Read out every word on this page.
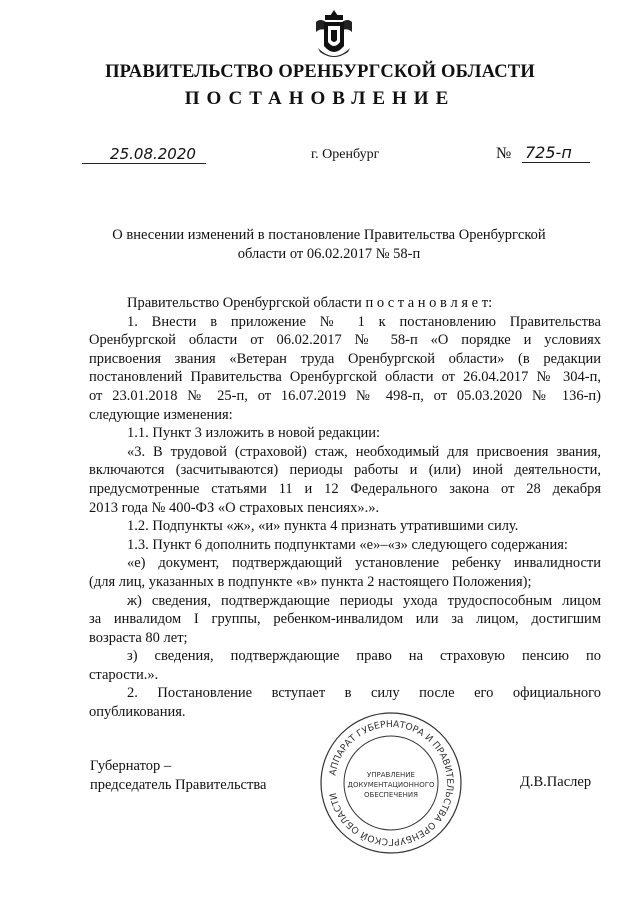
ПРАВИТЕЛЬСТВО ОРЕНБУРГСКОЙ ОБЛАСТИ
ПОСТАНОВЛЕНИЕ
25.08.2020	г. Оренбург	№ 725-п
О внесении изменений в постановление Правительства Оренбургской
области от 06.02.2017 № 58-п

Правительство Оренбургской области п о с т а н о в л я е т:

1. Внести в приложение № 1 к постановлению Правительства

Оренбургской области от 06.02.2017 № 58-п «О порядке и условиях

присвоения звания «Ветеран труда Оренбургской области» (в редакции

постановлений Правительства Оренбургской области от 26.04.2017 № 304-п,

от 23.01.2018 № 25-п, от 16.07.2019 № 498-п, от 05.03.2020 № 136-п)

следующие изменения:

1.1. Пункт 3 изложить в новой редакции:

«3. В трудовой (страховой) стаж, необходимый для присвоения звания,

включаются (засчитываются) периоды работы и (или) иной деятельности,

предусмотренные статьями 11 и 12 Федерального закона от 28 декабря

2013 года № 400-ФЗ «О страховых пенсиях».».

1.2. Подпункты «ж», «и» пункта 4 признать утратившими силу.

1.3. Пункт 6 дополнить подпунктами «е»–«з» следующего содержания:

«е) документ, подтверждающий установление ребенку инвалидности

(для лиц, указанных в подпункте «в» пункта 2 настоящего Положения);

ж) сведения, подтверждающие периоды ухода трудоспособным лицом

за инвалидом I группы, ребенком-инвалидом или за лицом, достигшим

возраста 80 лет;

з) сведения, подтверждающие право на страховую пенсию по

старости.».

2. Постановление вступает в силу после его официального

опубликования.

Губернатор –
председатель Правительства	Д.В.Паслер
АППАРАТ ГУБЕРНАТОРА И ПРАВИТЕЛЬСТВА ОРЕНБУРГСКОЙ ОБЛАСТИ
УПРАВЛЕНИЕ
ДОКУМЕНТАЦИОННОГО
ОБЕСПЕЧЕНИЯ
